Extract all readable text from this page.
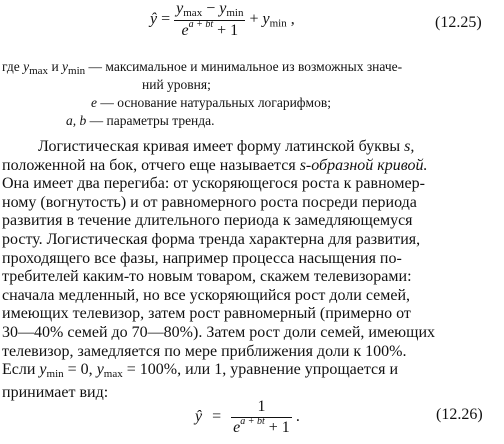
ŷ = $\frac{y_{max} - y_{min}}{e^{a + bt} + 1} + y_{min}$ ,	(12.25)
где $y_{max}$ и $y_{min}$ — максимальное и минимальное из возможных значе-
ний уровня;
e — основание натуральных логарифмов;
a, b — параметры тренда.

Логистическая кривая имеет форму латинской буквы s,

положенной на бок, отчего еще называется s-образной кривой.

Она имеет два перегиба: от ускоряющегося роста к равномер-

ному (вогнутость) и от равномерного роста посреди периода

развития в течение длительного периода к замедляющемуся

росту. Логистическая форма тренда характерна для развития,

проходящего все фазы, например процесса насыщения по-

требителей каким-то новым товаром, скажем телевизорами:

сначала медленный, но все ускоряющийся рост доли семей,

имеющих телевизор, затем рост равномерный (примерно от

30—40% семей до 70—80%). Затем рост доли семей, имеющих

телевизор, замедляется по мере приближения доли к 100%.

Если $y_{min} = 0$, $y_{max} = 100\%$, или 1, уравнение упрощается и

принимает вид:

ŷ = $\frac{1}{e^{a + bt} + 1}$ .	(12.26)
